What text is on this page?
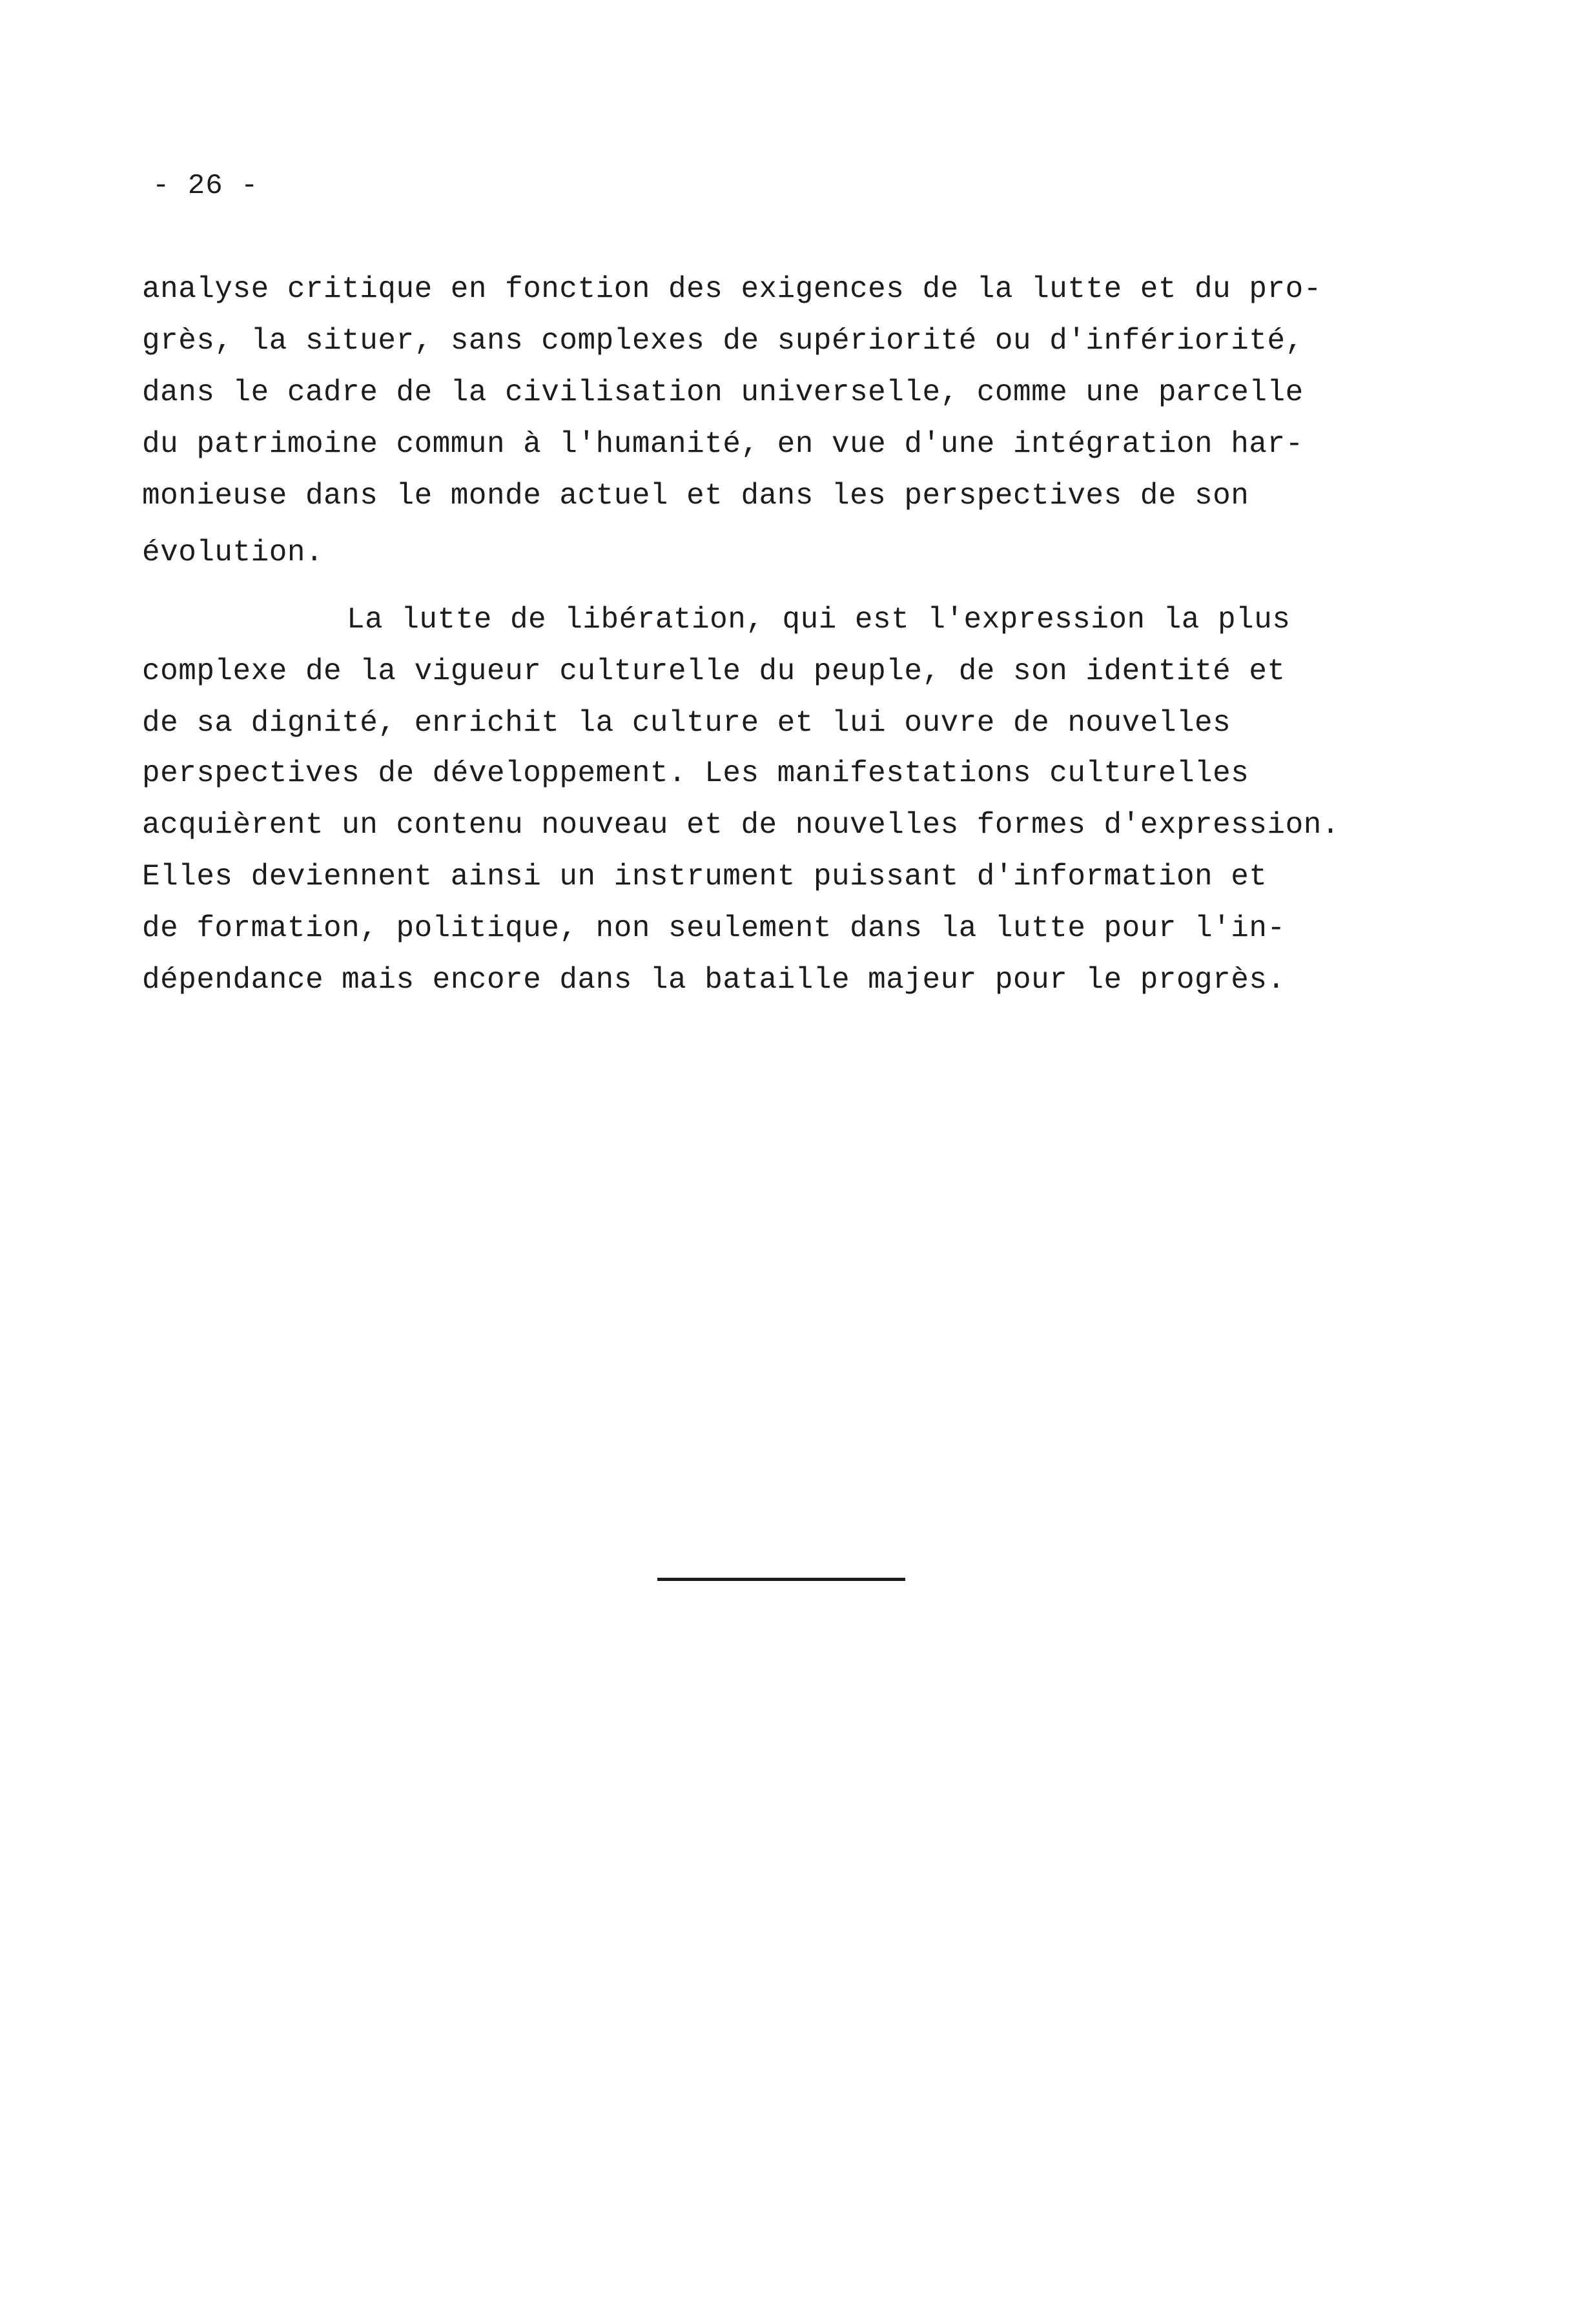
- 26 -
analyse critique en fonction des exigences de la lutte et du pro-
grès, la situer, sans complexes de supériorité ou d'infériorité,
dans le cadre de la civilisation universelle, comme une parcelle
du patrimoine commun à l'humanité, en vue d'une intégration har-
monieuse dans le monde actuel et dans les perspectives de son
évolution.
La lutte de libération, qui est l'expression la plus
complexe de la vigueur culturelle du peuple, de son identité et
de sa dignité, enrichit la culture et lui ouvre de nouvelles
perspectives de développement. Les manifestations culturelles
acquièrent un contenu nouveau et de nouvelles formes d'expression.
Elles deviennent ainsi un instrument puissant d'information et
de formation, politique, non seulement dans la lutte pour l'in-
dépendance mais encore dans la bataille majeur pour le progrès.
